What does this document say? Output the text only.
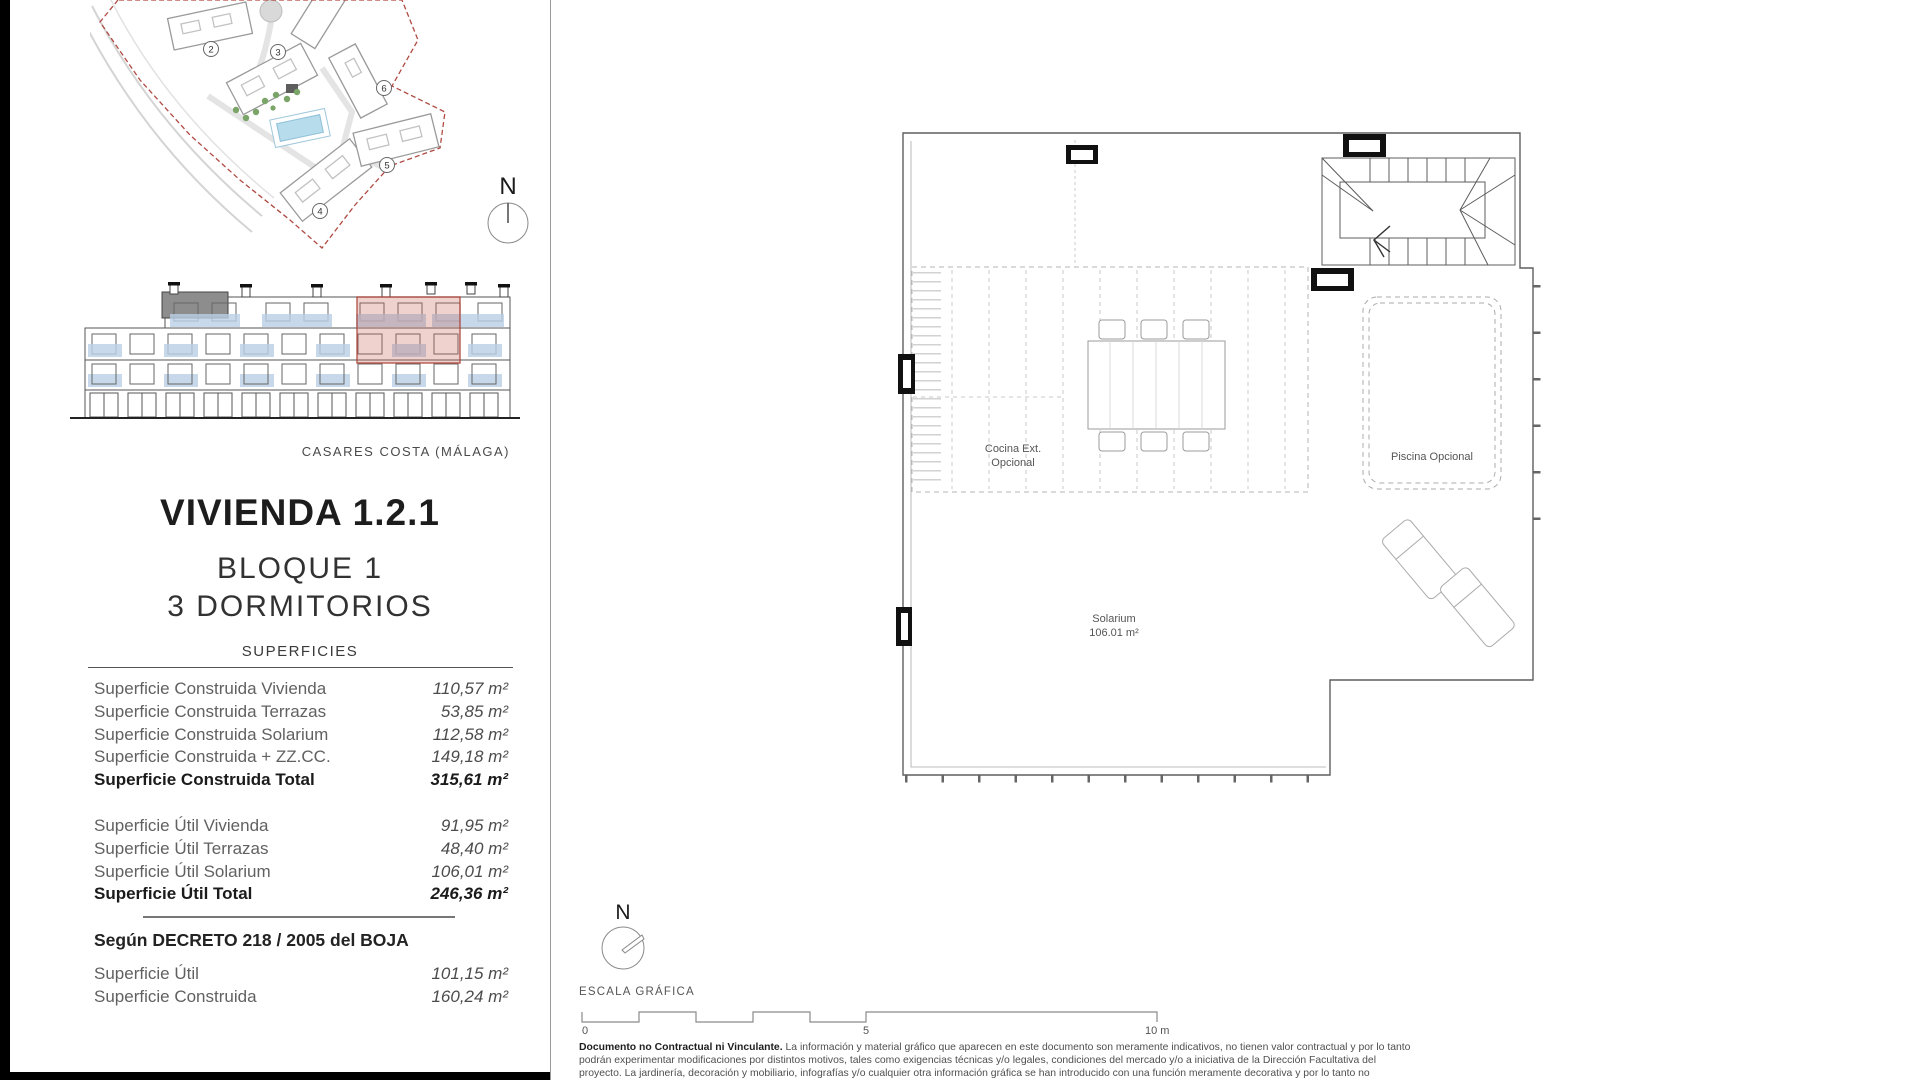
2	3
4
5
6
N
CASARES COSTA (MÁLAGA)
VIVIENDA 1.2.1
BLOQUE 1
3 DORMITORIOS
SUPERFICIES
Superficie Construida Vivienda	110,57 m²
Superficie Construida Terrazas	53,85 m²
Superficie Construida Solarium	112,58 m²
Superficie Construida + ZZ.CC.	149,18 m²
Superficie Construida Total	315,61 m²
Superficie Útil Vivienda	91,95 m²
Superficie Útil Terrazas	48,40 m²
Superficie Útil Solarium	106,01 m²
Superficie Útil Total	246,36 m²
Según DECRETO 218 / 2005 del BOJA
Superficie Útil	101,15 m²
Superficie Construida	160,24 m²
Cocina Ext.
Opcional	Piscina Opcional
Solarium
106.01 m²
N
ESCALA GRÁFICA
0	5	10 m
Documento no Contractual ni Vinculante. La información y material gráfico que aparecen en este documento son meramente indicativos, no tienen valor contractual y por lo tanto
podrán experimentar modificaciones por distintos motivos, tales como exigencias técnicas y/o legales, condiciones del mercado y/o a iniciativa de la Dirección Facultativa del
proyecto. La jardinería, decoración y mobiliario, infografías y/o cualquier otra información gráfica se han introducido con una función meramente decorativa y por lo tanto no
